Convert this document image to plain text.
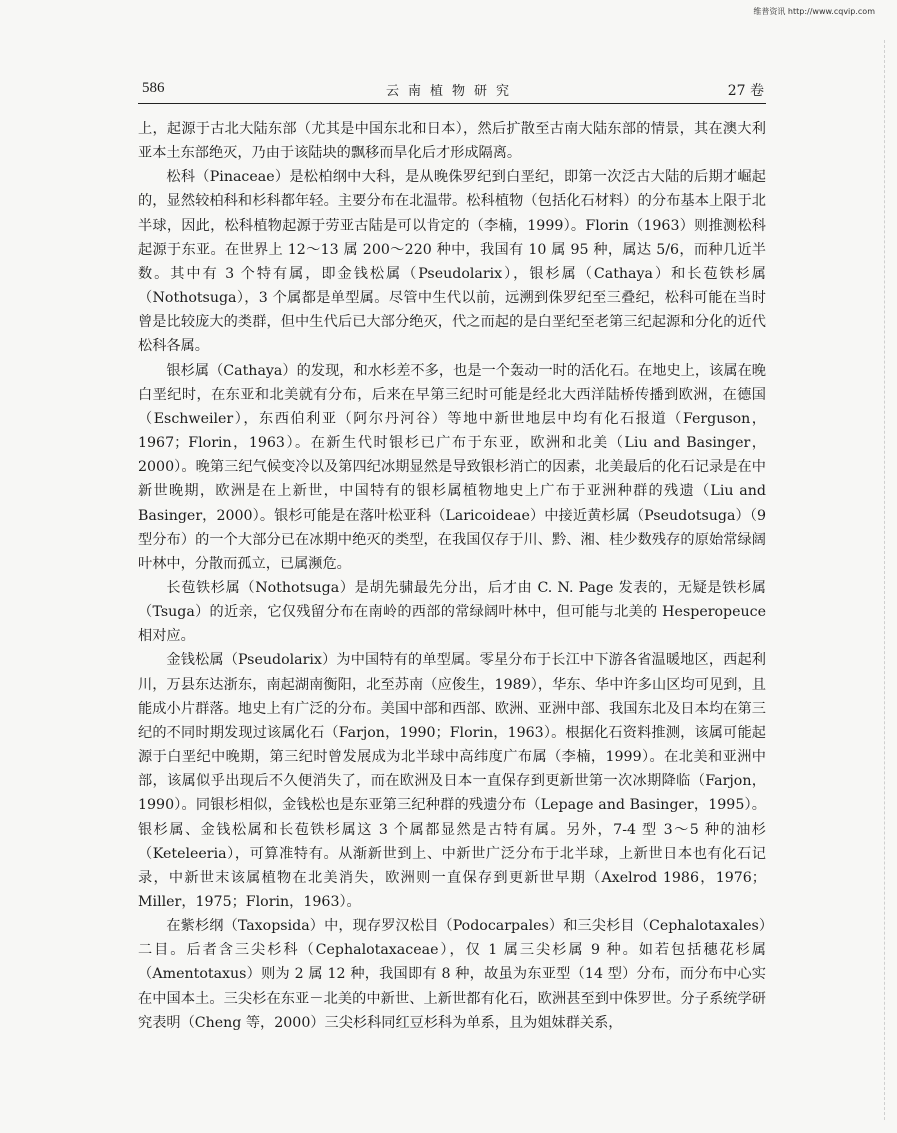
维普资讯 http://www.cqvip.com
586	云南植物研究	27 卷

上，起源于古北大陆东部（尤其是中国东北和日本），然后扩散至古南大陆东部的情景，其在澳大利亚本土东部绝灭，乃由于该陆块的飘移而旱化后才形成隔离。

松科（Pinaceae）是松柏纲中大科，是从晚侏罗纪到白垩纪，即第一次泛古大陆的后期才崛起的，显然较柏科和杉科都年轻。主要分布在北温带。松科植物（包括化石材料）的分布基本上限于北半球，因此，松科植物起源于劳亚古陆是可以肯定的（李楠，1999）。Florin（1963）则推测松科起源于东亚。在世界上 12～13 属 200～220 种中，我国有 10 属 95 种，属达 5/6，而种几近半数。其中有 3 个特有属，即金钱松属（Pseudolarix），银杉属（Cathaya）和长苞铁杉属（Nothotsuga），3 个属都是单型属。尽管中生代以前，远溯到侏罗纪至三叠纪，松科可能在当时曾是比较庞大的类群，但中生代后已大部分绝灭，代之而起的是白垩纪至老第三纪起源和分化的近代松科各属。

银杉属（Cathaya）的发现，和水杉差不多，也是一个轰动一时的活化石。在地史上，该属在晚白垩纪时，在东亚和北美就有分布，后来在早第三纪时可能是经北大西洋陆桥传播到欧洲，在德国（Eschweiler），东西伯利亚（阿尔丹河谷）等地中新世地层中均有化石报道（Ferguson，1967；Florin，1963）。在新生代时银杉已广布于东亚，欧洲和北美（Liu and Basinger，2000）。晚第三纪气候变冷以及第四纪冰期显然是导致银杉消亡的因素，北美最后的化石记录是在中新世晚期，欧洲是在上新世，中国特有的银杉属植物地史上广布于亚洲种群的残遗（Liu and Basinger，2000）。银杉可能是在落叶松亚科（Laricoideae）中接近黄杉属（Pseudotsuga）（9 型分布）的一个大部分已在冰期中绝灭的类型，在我国仅存于川、黔、湘、桂少数残存的原始常绿阔叶林中，分散而孤立，已属濒危。

长苞铁杉属（Nothotsuga）是胡先骕最先分出，后才由 C. N. Page 发表的，无疑是铁杉属（Tsuga）的近亲，它仅残留分布在南岭的西部的常绿阔叶林中，但可能与北美的 Hesperopeuce 相对应。

金钱松属（Pseudolarix）为中国特有的单型属。零星分布于长江中下游各省温暖地区，西起利川，万县东达浙东，南起湖南衡阳，北至苏南（应俊生，1989），华东、华中许多山区均可见到，且能成小片群落。地史上有广泛的分布。美国中部和西部、欧洲、亚洲中部、我国东北及日本均在第三纪的不同时期发现过该属化石（Farjon，1990；Florin，1963）。根据化石资料推测，该属可能起源于白垩纪中晚期，第三纪时曾发展成为北半球中高纬度广布属（李楠，1999）。在北美和亚洲中部，该属似乎出现后不久便消失了，而在欧洲及日本一直保存到更新世第一次冰期降临（Farjon，1990）。同银杉相似，金钱松也是东亚第三纪种群的残遗分布（Lepage and Basinger，1995）。银杉属、金钱松属和长苞铁杉属这 3 个属都显然是古特有属。另外，7-4 型 3～5 种的油杉（Keteleeria），可算准特有。从渐新世到上、中新世广泛分布于北半球，上新世日本也有化石记录，中新世末该属植物在北美消失，欧洲则一直保存到更新世早期（Axelrod 1986，1976；Miller，1975；Florin，1963）。

在紫杉纲（Taxopsida）中，现存罗汉松目（Podocarpales）和三尖杉目（Cephalotaxales）二目。后者含三尖杉科（Cephalotaxaceae），仅 1 属三尖杉属 9 种。如若包括穗花杉属（Amentotaxus）则为 2 属 12 种，我国即有 8 种，故虽为东亚型（14 型）分布，而分布中心实在中国本土。三尖杉在东亚－北美的中新世、上新世都有化石，欧洲甚至到中侏罗世。分子系统学研究表明（Cheng 等，2000）三尖杉科同红豆杉科为单系，且为姐妹群关系，
